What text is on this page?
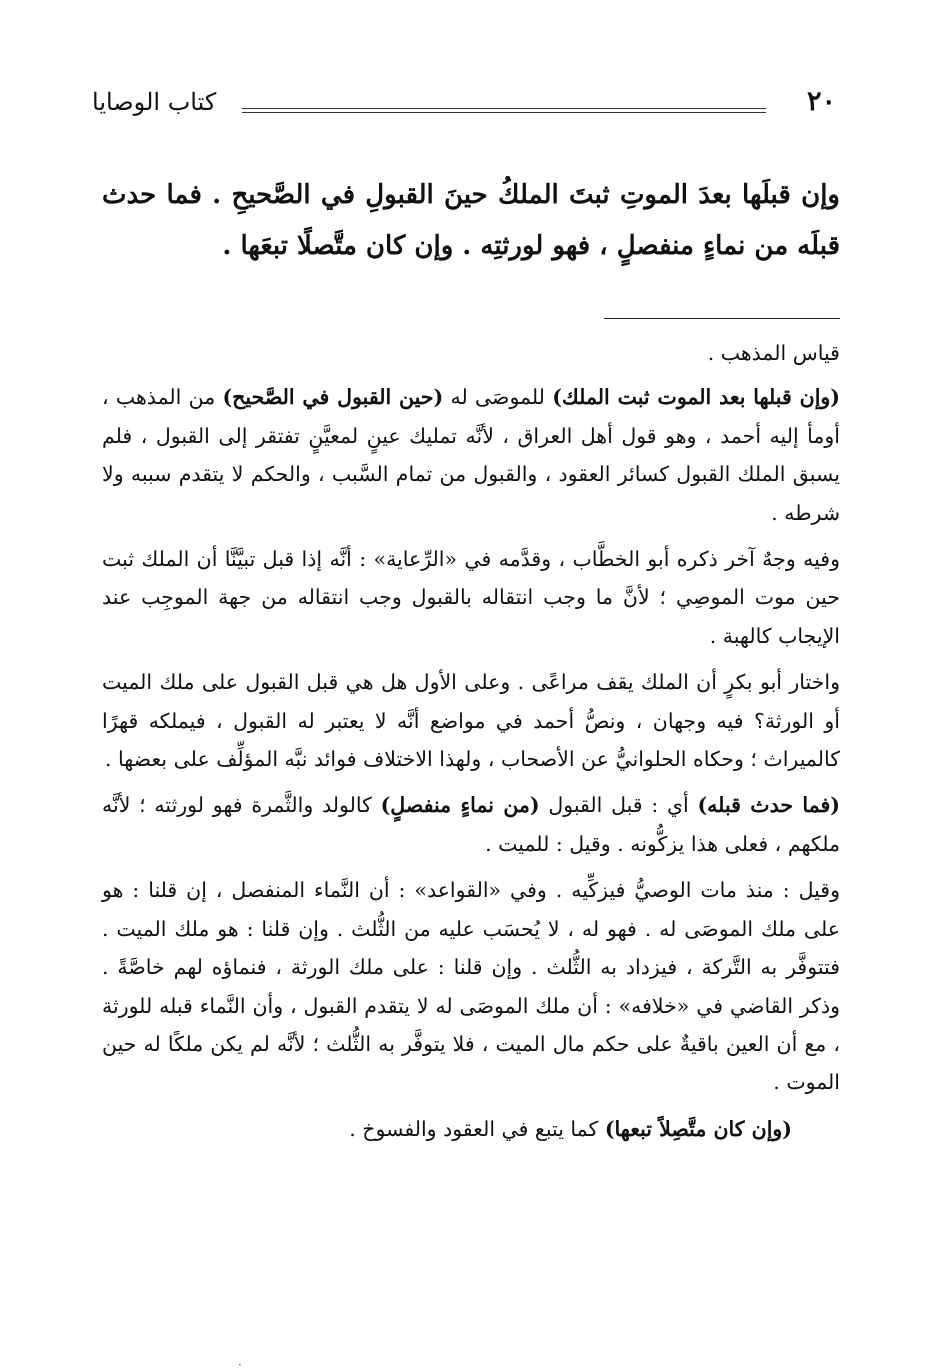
٢٠
كتاب الوصايا

وإن قبلَها بعدَ الموتِ ثبتَ الملكُ حينَ القبولِ في الصَّحيحِ . فما حدث قبلَه من نماءٍ منفصلٍ ، فهو لورثتِه . وإن كان متَّصلًا تبعَها .

قياس المذهب .

(وإن قبلها بعد الموت ثبت الملك) للموصَى له (حين القبول في الصَّحيح) من المذهب ، أومأ إليه أحمد ، وهو قول أهل العراق ، لأنَّه تمليك عينٍ لمعيَّنٍ تفتقر إلى القبول ، فلم يسبق الملك القبول كسائر العقود ، والقبول من تمام السَّبب ، والحكم لا يتقدم سببه ولا شرطه .

وفيه وجهٌ آخر ذكره أبو الخطَّاب ، وقدَّمه في «الرِّعاية» : أنَّه إذا قبل تبيَّنَّا أن الملك ثبت حين موت الموصِي ؛ لأنَّ ما وجب انتقاله بالقبول وجب انتقاله من جهة الموجِب عند الإيجاب كالهبة .

واختار أبو بكرٍ أن الملك يقف مراعًى . وعلى الأول هل هي قبل القبول على ملك الميت أو الورثة؟ فيه وجهان ، ونصُّ أحمد في مواضع أنَّه لا يعتبر له القبول ، فيملكه قهرًا كالميراث ؛ وحكاه الحلوانيُّ عن الأصحاب ، ولهذا الاختلاف فوائد نبَّه المؤلِّف على بعضها .

(فما حدث قبله) أي : قبل القبول (من نماءٍ منفصلٍ) كالولد والثَّمرة فهو لورثته ؛ لأنَّه ملكهم ، فعلى هذا يزكُّونه . وقيل : للميت .

وقيل : منذ مات الوصيُّ فيزكِّيه . وفي «القواعد» : أن النَّماء المنفصل ، إن قلنا : هو على ملك الموصَى له . فهو له ، لا يُحسَب عليه من الثُّلث . وإن قلنا : هو ملك الميت . فتتوفَّر به التَّركة ، فيزداد به الثُّلث . وإن قلنا : على ملك الورثة ، فنماؤه لهم خاصَّةً . وذكر القاضي في «خلافه» : أن ملك الموصَى له لا يتقدم القبول ، وأن النَّماء قبله للورثة ، مع أن العين باقيةٌ على حكم مال الميت ، فلا يتوفَّر به الثُّلث ؛ لأنَّه لم يكن ملكًا له حين الموت .

(وإن كان متَّصِلاً تبعها) كما يتبع في العقود والفسوخ .

·
